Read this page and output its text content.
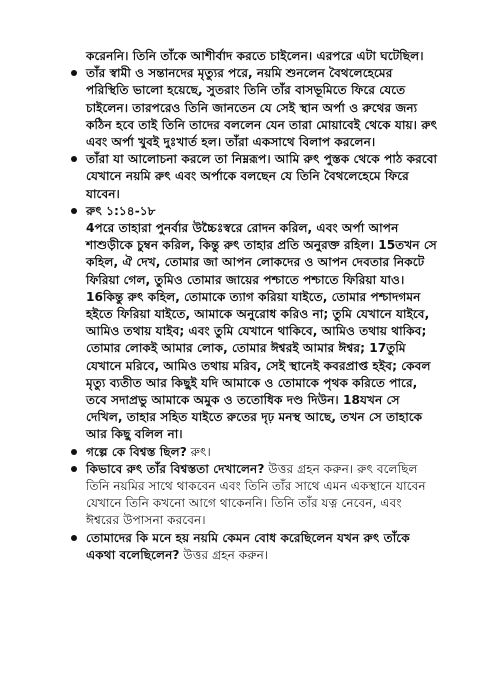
করেননি। তিনি তাঁকে আশীর্বাদ করতে চাইলেন। এরপরে এটা ঘটেছিল।

তাঁর স্বামী ও সন্তানদের মৃত্যুর পরে, নয়মি শুনলেন বৈথলেহেমের পরিস্থিতি ভালো হয়েছে, সুতরাং তিনি তাঁর বাসভূমিতে ফিরে যেতে চাইলেন। তারপরেও তিনি জানতেন যে সেই স্থান অর্পা ও রুথের জন্য কঠিন হবে তাই তিনি তাদের বললেন যেন তারা মোয়াবেই থেকে যায়। রুৎ এবং অর্পা খুবই দুঃখার্ত হল। তাঁরা একসাথে বিলাপ করলেন।
তাঁরা যা আলোচনা করলে তা নিম্নরূপ। আমি রুৎ পুস্তক থেকে পাঠ করবো যেখানে নয়মি রুৎ এবং অর্পাকে বলছেন যে তিনি বৈথলেহেমে ফিরে যাবেন।
রুৎ ১:১৪-১৮
4পরে তাহারা পুনর্বার উচ্চৈঃস্বরে রোদন করিল, এবং অর্পা আপন শাশুড়ীকে চুম্বন করিল, কিন্তু রুৎ তাহার প্রতি অনুরক্ত রহিল। 15তখন সে কহিল, ঐ দেখ, তোমার জা আপন লোকদের ও আপন দেবতার নিকটে ফিরিয়া গেল, তুমিও তোমার জায়ের পশ্চাতে পশ্চাতে ফিরিয়া যাও। 16কিন্তু রুৎ কহিল, তোমাকে ত্যাগ করিয়া যাইতে, তোমার পশ্চাদগমন হইতে ফিরিয়া যাইতে, আমাকে অনুরোধ করিও না; তুমি যেখানে যাইবে, আমিও তথায় যাইব; এবং তুমি যেখানে থাকিবে, আমিও তথায় থাকিব; তোমার লোকই আমার লোক, তোমার ঈশ্বরই আমার ঈশ্বর; 17তুমি যেখানে মরিবে, আমিও তথায় মরিব, সেই স্থানেই কবরপ্রাপ্ত হইব; কেবল মৃত্যু ব্যতীত আর কিছুই যদি আমাকে ও তোমাকে পৃথক করিতে পারে, তবে সদাপ্রভু আমাকে অমুক ও ততোধিক দণ্ড দিউন। 18যখন সে দেখিল, তাহার সহিত যাইতে রুতের দৃঢ় মনস্থ আছে, তখন সে তাহাকে আর কিছু বলিল না।
গল্পে কে বিশ্বস্ত ছিল? রুৎ।
কিভাবে রুৎ তাঁর বিশ্বস্ততা দেখালেন? উত্তর গ্রহন করুন। রুৎ বলেছিল তিনি নয়মির সাথে থাকবেন এবং তিনি তাঁর সাথে এমন একস্থানে যাবেন যেখানে তিনি কখনো আগে থাকেননি। তিনি তাঁর যত্ন নেবেন, এবং ঈশ্বরের উপাসনা করবেন।
তোমাদের কি মনে হয় নয়মি কেমন বোধ করেছিলেন যখন রুৎ তাঁকে একথা বলেছিলেন? উত্তর গ্রহন করুন।
